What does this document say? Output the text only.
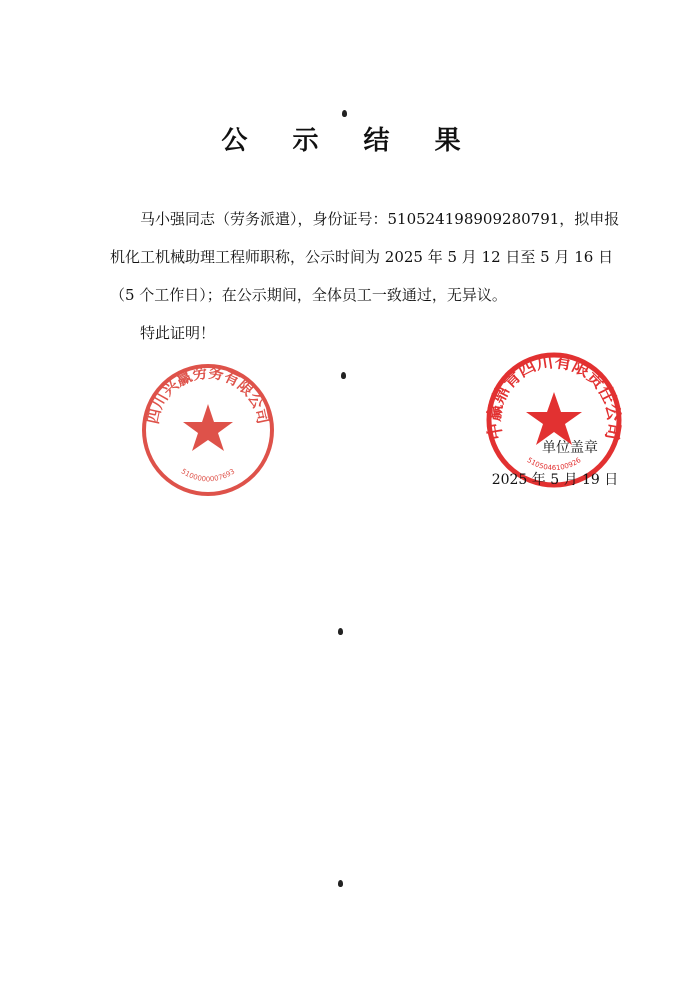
公 示 结 果

马小强同志（劳务派遣），身份证号：510524198909280791，拟申报机化工机械助理工程师职称，公示时间为 2025 年 5 月 12 日至 5 月 16 日（5 个工作日）；在公示期间，全体员工一致通过，无异议。

特此证明！

四川兴赢劳务有限公司
5100000007693
中赢鼎青四川有限责任公司
5105046100926
单位盖章
2025 年 5 月 19 日
